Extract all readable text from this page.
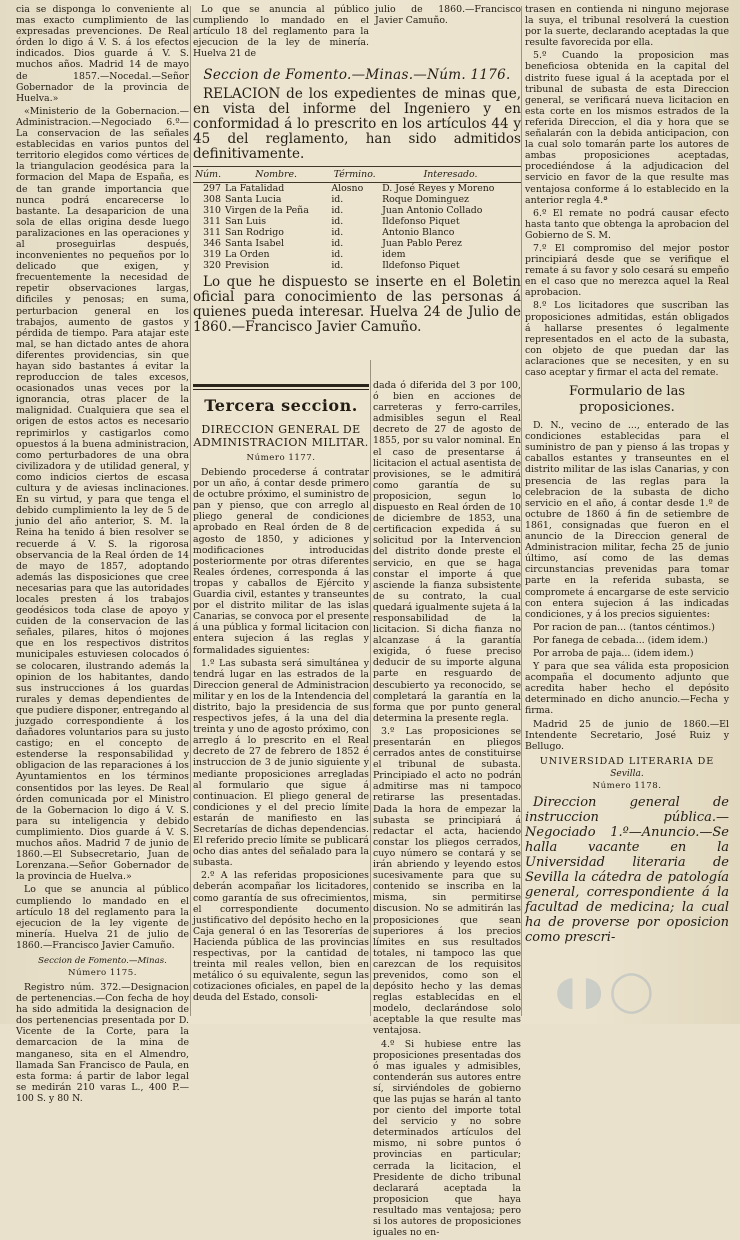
cia se disponga lo conveniente al mas exacto cumplimiento de las expresadas prevenciones. De Real órden lo digo á V. S. á los efectos indicados. Dios guarde á V. S. muchos años. Madrid 14 de mayo de 1857.—Nocedal.—Señor Gobernador de la provincia de Huelva.»

«Ministerio de la Gobernacion.—Administracion.—Negociado 6.º—La conservacion de las señales establecidas en varios puntos del territorio elegidos como vértices de la triangulacion geodésica para la formacion del Mapa de España, es de tan grande importancia que nunca podrá encarecerse lo bastante. La desaparicion de una sola de ellas origina desde luego paralizaciones en las operaciones y al proseguirlas después, inconvenientes no pequeños por lo delicado que exigen, y frecuentemente la necesidad de repetir observaciones largas, dificiles y penosas; en suma, perturbacion general en los trabajos, aumento de gastos y pérdida de tiempo. Para atajar este mal, se han dictado antes de ahora diferentes providencias, sin que hayan sido bastantes á evitar la reproduccion de tales excesos, ocasionados unas veces por la ignorancia, otras placer de la malignidad. Cualquiera que sea el origen de estos actos es necesario reprimirlos y castigarlos como opuestos á la buena administracion, como perturbadores de una obra civilizadora y de utilidad general, y como indicios ciertos de escasa cultura y de aviesas inclinaciones. En su virtud, y para que tenga el debido cumplimiento la ley de 5 de junio del año anterior, S. M. la Reina ha tenido á bien resolver se recuerde á V. S. la rigorosa observancia de la Real órden de 14 de mayo de 1857, adoptando además las disposiciones que cree necesarias para que las autoridades locales presten á los trabajos geodésicos toda clase de apoyo y cuiden de la conservacion de las señales, pilares, hitos ó mojones que en los respectivos distritos municipales estuviesen colocados ó se colocaren, ilustrando además la opinion de los habitantes, dando sus instrucciones á los guardas rurales y demas dependientes de que pudiere disponer, entregando al juzgado correspondiente á los dañadores voluntarios para su justo castigo; en el concepto de estenderse la responsabilidad y obligacion de las reparaciones á los Ayuntamientos en los términos consentidos por las leyes. De Real órden comunicada por el Ministro de la Gobernacion lo digo á V. S. para su inteligencia y debido cumplimiento. Dios guarde á V. S. muchos años. Madrid 7 de junio de 1860.—El Subsecretario, Juan de Lorenzana.—Señor Gobernador de la provincia de Huelva.»

Lo que se anuncia al público cumpliendo lo mandado en el artículo 18 del reglamento para la ejecucion de la ley vigente de minería. Huelva 21 de julio de 1860.—Francisco Javier Camuño.

Seccion de Fomento.—Minas.
Número 1175.

Registro núm. 372.—Designacion de pertenencias.—Con fecha de hoy ha sido admitida la designacion de dos pertenencias presentada por D. Vicente de la Corte, para la demarcacion de la mina de manganeso, sita en el Almendro, llamada San Francisco de Paula, en esta forma: á partir de labor legal se medirán 210 varas L., 400 P.—100 S. y 80 N.

Lo que se anuncia al público cumpliendo lo mandado en el artículo 18 del reglamento para la ejecucion de la ley de minería. Huelva 21 de

julio de 1860.—Francisco Javier Camuño.

Seccion de Fomento.—Minas.—Núm. 1176.

RELACION de los expedientes de minas que, en vista del informe del Ingeniero y en conformidad á lo prescrito en los artículos 44 y 45 del reglamento, han sido admitidos definitivamente.

Núm.	Nombre.	Término.	Interesado.
297	La Fatalidad	Alosno	D. José Reyes y Moreno
308	Santa Lucia	id.	Roque Dominguez
310	Virgen de la Peña	id.	Juan Antonio Collado
311	San Luis	id.	Ildefonso Piquet
311	San Rodrigo	id.	Antonio Blanco
346	Santa Isabel	id.	Juan Pablo Perez
319	La Orden	id.	idem
320	Prevision	id.	Ildefonso Piquet

Lo que he dispuesto se inserte en el Boletin oficial para conocimiento de las personas á quienes pueda interesar. Huelva 24 de Julio de 1860.—Francisco Javier Camuño.

Tercera seccion.
DIRECCION GENERAL DE ADMINISTRACION MILITAR.
Número 1177.

Debiendo procederse á contratar por un año, á contar desde primero de octubre próximo, el suministro de pan y pienso, que con arreglo al pliego general de condiciones aprobado en Real órden de 8 de agosto de 1850, y adiciones y modificaciones introducidas posteriormente por otras diferentes Reales órdenes, corresponda á las tropas y caballos de Ejército y Guardia civil, estantes y transeuntes por el distrito militar de las islas Canarias, se convoca por el presente á una pública y formal licitacion con entera sujecion á las reglas y formalidades siguientes:

1.º Las subasta será simultánea y tendrá lugar en las estrados de la Direccion general de Administracion militar y en los de la Intendencia del distrito, bajo la presidencia de sus respectivos jefes, á la una del dia treinta y uno de agosto próximo, con arreglo á lo prescrito en el Real decreto de 27 de febrero de 1852 é instruccion de 3 de junio siguiente y mediante proposiciones arregladas al formulario que sigue á continuacion. El pliego general de condiciones y el del precio límite estarán de manifiesto en las Secretarías de dichas dependencias. El referido precio límite se publicará ocho dias antes del señalado para la subasta.

2.º A las referidas proposiciones deberán acompañar los licitadores, como garantía de sus ofrecimientos, el correspondiente documento justificativo del depósito hecho en la Caja general ó en las Tesorerías de Hacienda pública de las provincias respectivas, por la cantidad de treinta mil reales vellon, bien en metálico ó su equivalente, segun las cotizaciones oficiales, en papel de la deuda del Estado, consoli-

dada ó diferida del 3 por 100, ó bien en acciones de carreteras y ferro-carriles, admisibles segun el Real decreto de 27 de agosto de 1855, por su valor nominal. En el caso de presentarse á licitacion el actual asentista de provisiones, se le admitirá como garantía de su proposicion, segun lo dispuesto en Real órden de 10 de diciembre de 1853, una certificacion expedida á su solicitud por la Intervencion del distrito donde preste el servicio, en que se haga constar el importe á que asciende la fianza subsistente de su contrato, la cual quedará igualmente sujeta á la responsabilidad de la licitacion. Si dicha fianza no alcanzase á la garantía exigida, ó fuese preciso deducir de su importe alguna parte en resguardo de descubierto ya reconocido, se completará la garantía en la forma que por punto general determina la presente regla.

3.º Las proposiciones se presentarán en pliegos cerrados antes de constituirse el tribunal de subasta. Principiado el acto no podrán admitirse mas ni tampoco retirarse las presentadas. Dada la hora de empezar la subasta se principiará á redactar el acta, haciendo constar los pliegos cerrados, cuyo número se contará y se irán abriendo y leyendo estos sucesivamente para que su contenido se inscriba en la misma, sin permitirse discusion. No se admitirán las proposiciones que sean superiores á los precios límites en sus resultados totales, ni tampoco las que carezcan de los requisitos prevenidos, como son el depósito hecho y las demas reglas establecidas en el modelo, declarándose solo aceptable la que resulte mas ventajosa.

4.º Si hubiese entre las proposiciones presentadas dos ó mas iguales y admisibles, contenderán sus autores entre sí, sirviéndoles de gobierno que las pujas se harán al tanto por ciento del importe total del servicio y no sobre determinados artículos del mismo, ni sobre puntos ó provincias en particular; cerrada la licitacion, el Presidente de dicho tribunal declarará aceptada la proposicion que haya resultado mas ventajosa; pero si los autores de proposiciones iguales no en-

trasen en contienda ni ninguno mejorase la suya, el tribunal resolverá la cuestion por la suerte, declarando aceptadas la que resulte favorecida por ella.

5.º Cuando la proposicion mas beneficiosa obtenida en la capital del distrito fuese igual á la aceptada por el tribunal de subasta de esta Direccion general, se verificará nueva licitacion en esta corte en los mismos estrados de la referida Direccion, el dia y hora que se señalarán con la debida anticipacion, con la cual solo tomarán parte los autores de ambas proposiciones aceptadas, procediéndose á la adjudicacion del servicio en favor de la que resulte mas ventajosa conforme á lo establecido en la anterior regla 4.ª

6.º El remate no podrá causar efecto hasta tanto que obtenga la aprobacion del Gobierno de S. M.

7.º El compromiso del mejor postor principiará desde que se verifique el remate á su favor y solo cesará su empeño en el caso que no merezca aquel la Real aprobacion.

8.º Los licitadores que suscriban las proposiciones admitidas, están obligados á hallarse presentes ó legalmente representados en el acto de la subasta, con objeto de que puedan dar las aclaraciones que se necesiten, y en su caso aceptar y firmar el acta del remate.

Formulario de las proposiciones.

D. N., vecino de ..., enterado de las condiciones establecidas para el suministro de pan y pienso á las tropas y caballos estantes y transeuntes en el distrito militar de las islas Canarias, y con presencia de las reglas para la celebracion de la subasta de dicho servicio en el año, á contar desde 1.º de octubre de 1860 á fin de setiembre de 1861, consignadas que fueron en el anuncio de la Direccion general de Administracion militar, fecha 25 de junio último, así como de las demas circunstancias prevenidas para tomar parte en la referida subasta, se compromete á encargarse de este servicio con entera sujecion á las indicadas condiciones, y á los precios siguientes:

Por racion de pan... (tantos céntimos.)

Por fanega de cebada... (idem idem.)

Por arroba de paja... (idem idem.)

Y para que sea válida esta proposicion acompaña el documento adjunto que acredita haber hecho el depósito determinado en dicho anuncio.—Fecha y firma.

Madrid 25 de junio de 1860.—El Intendente Secretario, José Ruiz y Bellugo.

UNIVERSIDAD LITERARIA DE
Sevilla.
Número 1178.

Direccion general de instruccion pública.—Negociado 1.º—Anuncio.—Se halla vacante en la Universidad literaria de Sevilla la cátedra de patología general, correspondiente á la facultad de medicina; la cual ha de proverse por oposicion como prescri-

◖◗◯
